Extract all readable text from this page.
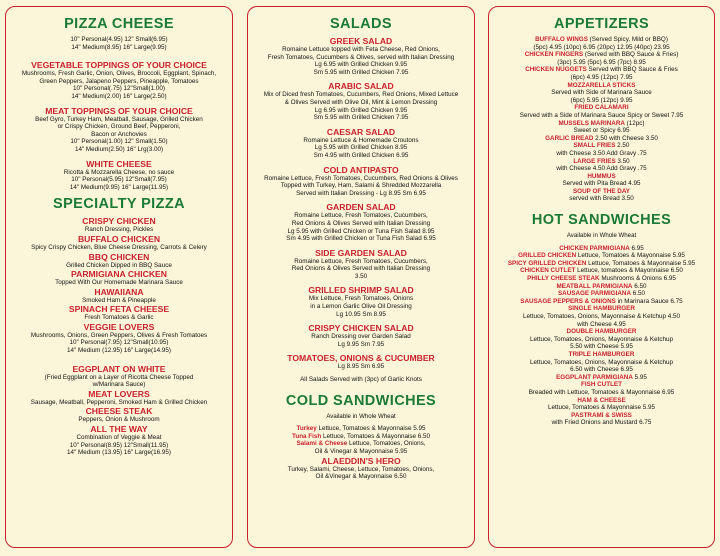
PIZZA CHEESE
10" Personal(4.95) 12" Small(6.95)
14" Medium(8.95) 16" Large(9.95)
VEGETABLE TOPPINGS OF YOUR CHOICE
Mushrooms, Fresh Garlic, Onion, Olives, Broccoli, Eggplant, Spinach,
Green Peppers, Jalapeno Peppers, Pineapple, Tomatoes
10" Personal(.75) 12"Small(1.00)
14" Medium(2.00) 16" Large(2.50)
MEAT TOPPINGS OF YOUR CHOICE
Beef Gyro, Turkey Ham, Meatball, Sausage, Grilled Chicken
or Crispy Chicken, Ground Beef, Pepperoni,
Bacon or Anchovies
10" Personal(1.00) 12" Small(1.50)
14" Medium(2.50) 16" Lrg(3.00)
WHITE CHEESE
Ricotta & Mozzarella Cheese, no sauce
10" Personal(5.95) 12"Small(7.95)
14" Medium(9.95) 16" Large(11.95)
SPECIALTY PIZZA
CRISPY CHICKEN
Ranch Dressing, Pickles
BUFFALO CHICKEN
Spicy Crispy Chicken, Blue Cheese Dressing, Carrots & Celery
BBQ CHICKEN
Grilled Chicken Dipped in BBQ Sauce
PARMIGIANA CHICKEN
Topped With Our Homemade Marinara Sauce
HAWAIIANA
Smoked Ham & Pineapple
SPINACH FETA CHEESE
Fresh Tomatoes & Garlic
VEGGIE LOVERS
Mushrooms, Onions, Green Peppers, Olives & Fresh Tomatoes
10" Personal(7.95) 12"Small(10.95)
14" Medium (12.95) 16" Large(14.95)
EGGPLANT ON WHITE
(Fried Eggplant on a Layer of Ricotta Cheese Topped
w/Marinara Sauce)
MEAT LOVERS
Sausage, Meatball, Pepperoni, Smoked Ham & Grilled Chicken
CHEESE STEAK
Peppers, Onion & Mushroom
ALL THE WAY
Combination of Veggie & Meat
10" Personal(8.95) 12"Small(11.95)
14" Medium (13.95) 16" Large(16.95)
SALADS
GREEK SALAD
Romaine Lettuce topped with Feta Cheese, Red Onions,
Fresh Tomatoes, Cucumbers & Olives, served with Italian Dressing
Lg 6.95 with Grilled Chicken 9.95
Sm 5.95 with Grilled Chicken 7.95
ARABIC SALAD
Mix of Diced fresh Tomatoes, Cucumbers, Red Onions, Mixed Lettuce
& Olives Served with Olive Oil, Mint & Lemon Dressing
Lg 6.95 with Grilled Chicken 9.95
Sm 5.95 with Grilled Chicken 7.95
CAESAR SALAD
Romaine Lettuce & Homemade Croutons
Lg 5.95 with Grilled Chicken 8.95
Sm 4.95 with Grilled Chicken 6.95
COLD ANTIPASTO
Romaine Lettuce, Fresh Tomatoes, Cucumbers, Red Onions & Olives
Topped with Turkey, Ham, Salami & Shredded Mozzarella
Served with Italian Dressing - Lg 8.95 Sm 6.95
GARDEN SALAD
Romaine Lettuce, Fresh Tomatoes, Cucumbers,
Red Onions & Olives Served with Italian Dressing
Lg 5.95 with Grilled Chicken or Tuna Fish Salad 8.95
Sm 4.95 with Grilled Chicken or Tuna Fish Salad 6.95
SIDE GARDEN SALAD
Romaine Lettuce, Fresh Tomatoes, Cucumbers,
Red Onions & Olives Served with Italian Dressing
3.50
GRILLED SHRIMP SALAD
Mix Lettuce, Fresh Tomatoes, Onions
in a Lemon Garlic Olive Oil Dressing
Lg 10.95 Sm 8.95
CRISPY CHICKEN SALAD
Ranch Dressing over Garden Salad
Lg 9.95 Sm 7.95
TOMATOES, ONIONS & CUCUMBER
Lg 8.95 Sm 6.95
All Salads Served with (3pc) of Garlic Knots
COLD SANDWICHES
Available in Whole Wheat
Turkey Lettuce, Tomatoes & Mayonnaise 5.95
Tuna Fish Lettuce, Tomatoes & Mayonnaise 6.50
Salami & Cheese Lettuce, Tomatoes, Onions,
Oil & Vinegar & Mayonnaise 5.95
ALAEDDIN'S HERO
Turkey, Salami, Cheese, Lettuce, Tomatoes, Onions,
Oil &Vinegar & Mayonnaise 6.50
APPETIZERS
BUFFALO WINGS (Served Spicy, Mild or BBQ)
(5pc) 4.95 (10pc) 6.95 (20pc) 12.95 (40pc) 23.95
CHICKEN FINGERS (Served with BBQ Sauce & Fries)
(3pc) 5.95 (5pc) 6.95 (7pc) 8.95
CHICKEN NUGGETS Served with BBQ Sauce & Fries
(6pc) 4.95 (12pc) 7.95
MOZZARELLA STICKS
Served with Side of Marinara Sauce
(6pc) 5.95 (12pc) 9.95
FRIED CALAMARI
Served with a Side of Marinara Sauce Spicy or Sweet 7.95
MUSSELS MARINARA (12pc)
Sweet or Spicy 6.95
GARLIC BREAD 2.50 with Cheese 3.50
SMALL FRIES 2.50
with Cheese 3.50 Add Gravy .75
LARGE FRIES 3.50
with Cheese 4.50 Add Gravy .75
HUMMUS
Served with Pita Bread 4.95
SOUP OF THE DAY
served with Bread 3.50
HOT SANDWICHES
Available in Whole Wheat
CHICKEN PARMIGIANA 6.95
GRILLED CHICKEN Lettuce, Tomatoes & Mayonnaise 5.95
SPICY GRILLED CHICKEN Lettuce, Tomatoes & Mayonnaise 5.95
CHICKEN CUTLET Lettuce, tomatoes & Mayonnaise 6.50
PHILLY CHEESE STEAK Mushrooms & Onions 6.95
MEATBALL PARMIGIANA 6.50
SAUSAGE PARMIGIANA 6.50
SAUSAGE PEPPERS & ONIONS in Marinara Sauce 6.75
SINGLE HAMBURGER
Lettuce, Tomatoes, Onions, Mayonnaise & Ketchup 4.50
with Cheese 4.95
DOUBLE HAMBURGER
Lettuce, Tomatoes, Onions, Mayonnaise & Ketchup
5.50 with Cheese 5.95
TRIPLE HAMBURGER
Lettuce, Tomatoes, Onions, Mayonnaise & Ketchup
6.50 with Cheese 6.95
EGGPLANT PARMIGIANA 5.95
FISH CUTLET
Breaded with Lettuce, Tomatoes & Mayonnaise 6.95
HAM & CHEESE
Lettuce, Tomatoes & Mayonnaise 5.95
PASTRAMI & SWISS
with Fried Onions and Mustard 6.75
